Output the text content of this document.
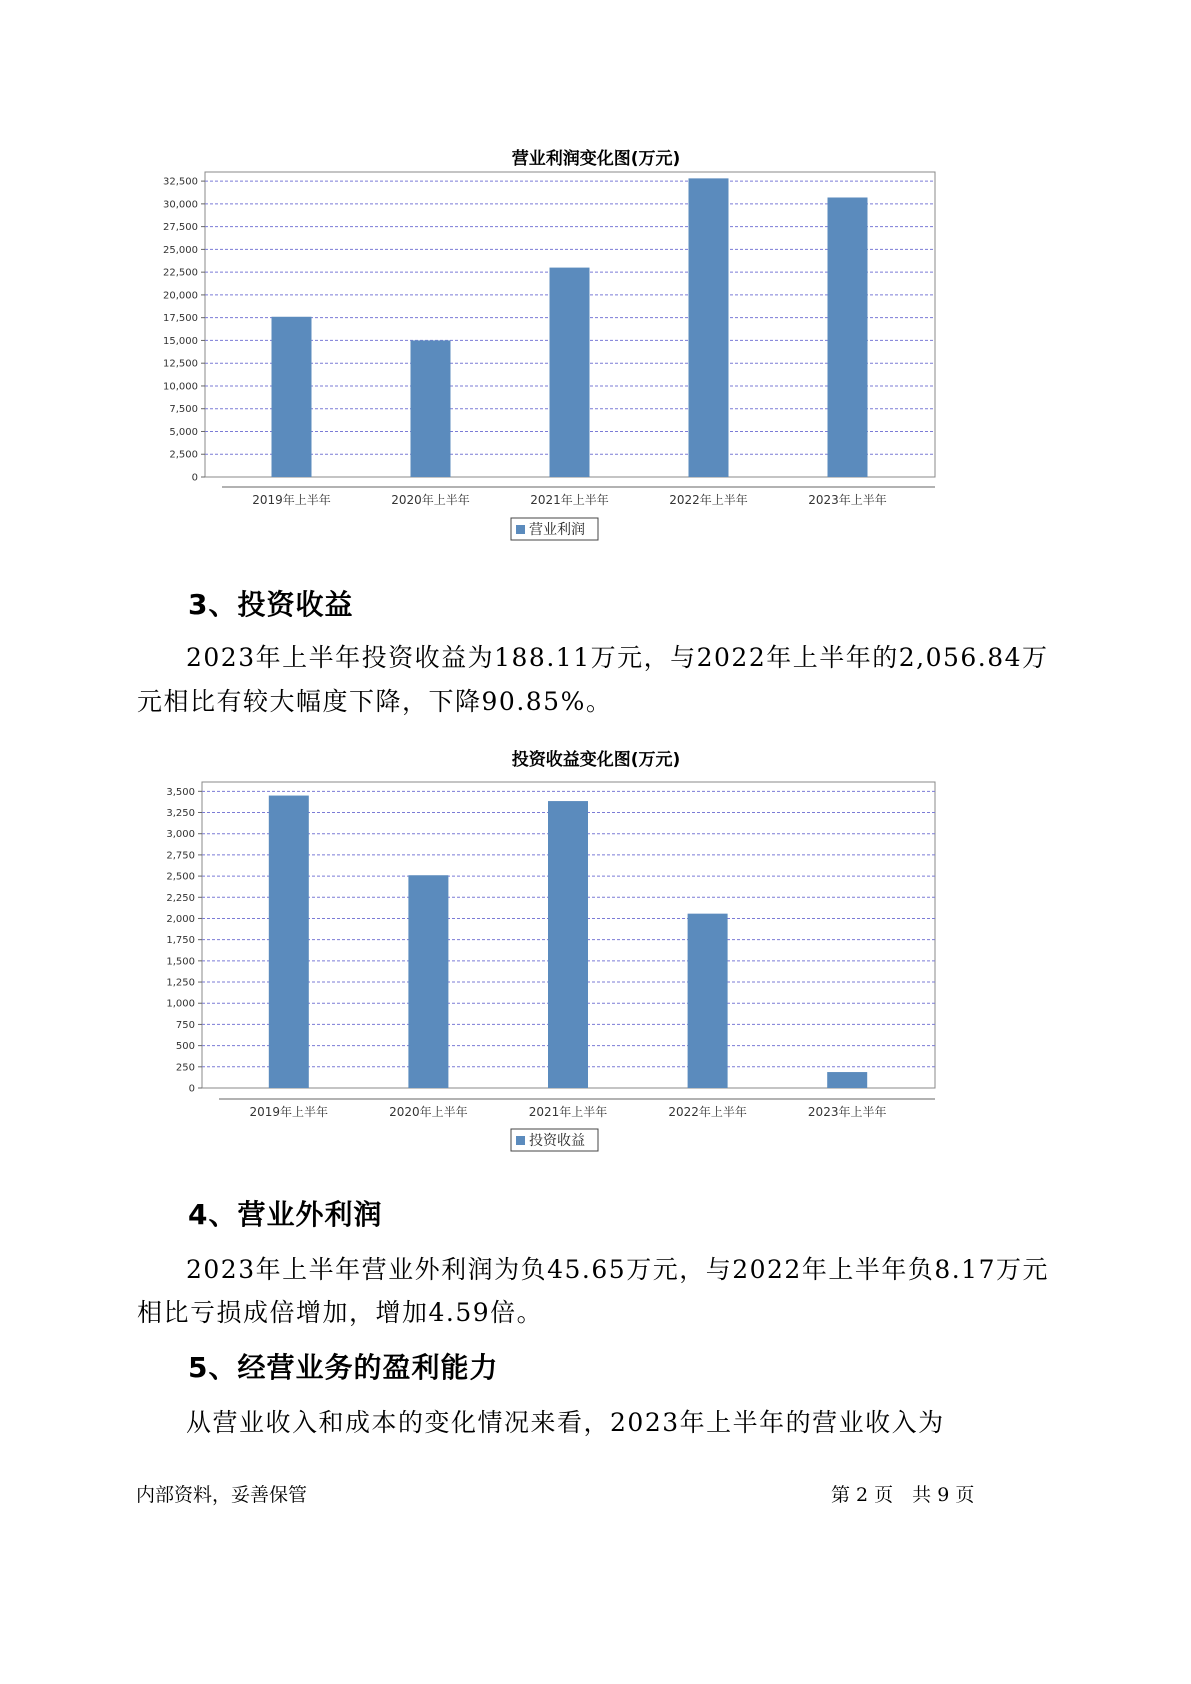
营业利润变化图(万元)
0
2,500
5,000
7,500
10,000
12,500
15,000
17,500
20,000
22,500
25,000
27,500
30,000
32,500
2019年上半年	2020年上半年	2021年上半年	2022年上半年	2023年上半年
营业利润
3、投资收益
2023年上半年投资收益为188.11万元，与2022年上半年的2,056.84万
元相比有较大幅度下降，下降90.85%。
投资收益变化图(万元)
0
250
500
750
1,000
1,250
1,500
1,750
2,000
2,250
2,500
2,750
3,000
3,250
3,500
2019年上半年	2020年上半年	2021年上半年	2022年上半年	2023年上半年
投资收益
4、营业外利润
2023年上半年营业外利润为负45.65万元，与2022年上半年负8.17万元
相比亏损成倍增加，增加4.59倍。
5、经营业务的盈利能力
从营业收入和成本的变化情况来看，2023年上半年的营业收入为
内部资料，妥善保管	第 2 页　共 9 页
